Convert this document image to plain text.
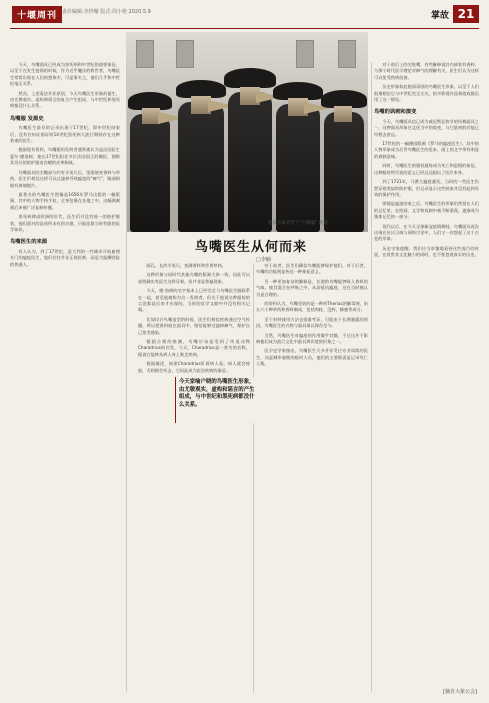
十堰周刊 责任编辑:李世曙 版式:周小艳 2020.5.9	掌故 21
伦敦示威者穿上"鸟嘴服" 现据
鸟嘴医生从何而来
□李楠

今天，鸟嘴面具已经成为黑死病和中世纪的重要象征，以至于在发生疫情的时候，作为近乎魔法的救世者，鸟嘴医生常常出现在人们的想象中，可是事实上，他们几乎和中世纪毫无关系。

然而，上述看法并非原创，今天鸟嘴医生形象的诞生，由尤敬观实、虚构和谣言的复合产生组成，与中世纪和黑死病都没什么关系。

鸟嘴服 发源史

鸟嘴医生最早的记录出现于17世纪，即中世纪结束后，没有任何证据证明14世纪黑死病大流行期间存在这种装束的医生。

根据现有资料，鸟嘴服的发明者通常被认为是法国医生夏尔·德洛姆，他在17世纪担任多位法国国王的御医，据称其设计的防护服由涂蜡的皮革制成。

鸟嘴面具的尖嘴部分约有半英尺长，里面填充香料与草药，医生们相信这样可以过滤掉导致瘟疫的"瘴气"，眼部则嵌有玻璃镜片。

最著名的鸟嘴医生图像是1656年罗马出版的一幅版画，其中的人物手持手杖，全身包裹在长袍之中，这幅讽刺画后来被广泛复制传播。

黑死病肆虐欧洲的年代，医生们并没有统一的防护服装，他们面对的是前所未有的灾难，只能依靠当时有限的医学知识。

鸟嘴医生的来源

有人认为，到了17世纪，意大利的一些城市开始雇佣专门的瘟疫医生，他们往往并非正规医师，而是为报酬冒险的普通人。	面孔，长约半英尺，充满香料和芳香草药。

这种形象与同时代其他鸟嘴的版画大体一致，因此可以说明确实有医生这样穿着，但并非是普遍现象。

今天，德·洛姆的名字基本上已经完全与鸟嘴医生服联系在一起，甚至他被称为这一发明者。但关于他说这种服装的言论都是后来才出现的，当时的医学文献中并没有相关记载。

比如设计鸟嘴造型的时候，医生们相信疾病通过空气传播，所以把香料放在面具中，相信能够过滤掉瘴气，保护自己免受感染。

根据合理的推测，鸟嘴应该是受到了传说动物Charadrius的启发，今天，Charadrius是一类鸟的名称，据说它能够从病人身上吸走疾病。

根据描述，如果Charadrius盯着病人看，病人就会痊愈，否则便会死去，它因此成为医治疾病的象征。

对于前者，医生们确信鸟嘴能够保护他们，对于后者，鸟嘴的功能则是传达一种象征意义。

另一种更加复杂的解释是，长袍的鸟嘴能够吸入香料的气味，使其混合在呼吸之中，从而抵抗瘟疫，这在当时被认为是合理的。

的资料认为，鸟嘴里装的是一种叫Theriac的解毒剂，由五六十种草药和香料制成，包括肉桂、没药、蜂蜜等成分。

至于材料使用方法也很难考证，可能由于长期暴露的原因，鸟嘴医生的衣物与器具难以保存至今。

当然，鸟嘴医生对瘟疫的作用微乎其微，不过这并不影响他们成为流行文化中最具辨识度的形象之一。

医学史学家指出，鸟嘴医生大多并非受过专业训练的医生，而是城市雇佣的临时人员，他们的主要职责是记录死亡人数。

对于前后上的尖锐嘴，有些解释说其内部装有香料，与那个时代医学理论对瘴气的理解有关，医生们认为这样可以免受疾病侵袭。

历史形象如此根深蒂固的鸟嘴医生形象，以至于人们很难相信它与中世纪完全无关，很多影视作品和游戏都沿用了这一错误。

鸟嘴的讽刺和演变

今天，鸟嘴面具也已成为威尼斯狂欢节的经典面具之一，这种面具形象在文化当中的流变，与它最初的功能已经相去甚远。

17世纪的一幅德国版画《罗马的瘟疫医生》，其中的人物形象成为后世鸟嘴医生的范本，画上的文字带有明显的讽刺意味。

同时，鸟嘴医生的服装最终成为死亡和恐惧的象征，这种服装所代表的意义已经远远超出了医疗本身。

到了1721年，马赛大瘟疫暴发，当时的一些医生仍然穿着类似的防护服，但记录显示这些装束并没有起到有效的保护作用。

即使是瘟疫结束之后，鸟嘴医生的形象仍然留在人们的记忆里，在绘画、文学和戏剧中被不断重现，逐渐成为集体记忆的一部分。

现代以后，在今天全球新冠疫情期间，鸟嘴面具再次出现在抗议示威与网络讨论中，人们又一次想起了这个古老的形象。

历史学家提醒，我们应当审慎地看待这些流行的传说，在欣赏其文化魅力的同时，也不要忽视真实的历史。

今天家喻户晓的鸟嘴医生形象，由尤敬观实，虚构和谣言的产生组成，与中世纪和黑死病都没什么关系。
[摘自大象公会]
